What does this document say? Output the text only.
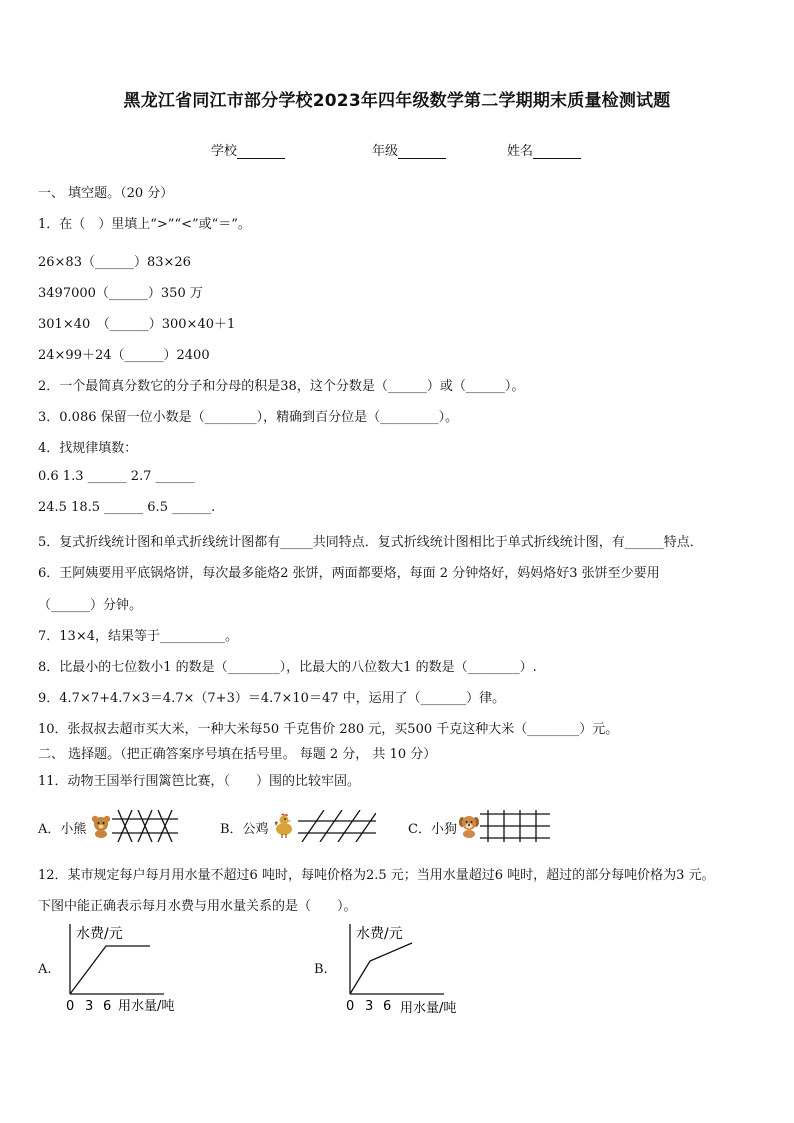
黑龙江省同江市部分学校2023年四年级数学第二学期期末质量检测试题
学校	年级	姓名
一、 填空题。（20 分）
1．在（　）里填上“>”“<”或“＝”。
26×83（______）83×26
3497000（______）350 万
301×40　（______）300×40＋1
24×99＋24（______）2400
2．一个最简真分数它的分子和分母的积是38，这个分数是（______）或（______）。
3．0.086 保留一位小数是（________），精确到百分位是（_________）。
4．找规律填数：
0.6 1.3 ______ 2.7 ______
24.5 18.5 ______ 6.5 ______.
5．复式折线统计图和单式折线统计图都有_____共同特点．复式折线统计图相比于单式折线统计图，有______特点．
6．王阿姨要用平底锅烙饼，每次最多能烙2 张饼，两面都要烙，每面 2 分钟烙好，妈妈烙好3 张饼至少要用
（______）分钟。
7．13×4，结果等于__________。
8．比最小的七位数小1 的数是（________），比最大的八位数大1 的数是（________）.
9．4.7×7+4.7×3＝4.7×（7+3）＝4.7×10＝47 中，运用了（_______）律。
10．张叔叔去超市买大米，一种大米每50 千克售价 280 元，买500 千克这种大米（________）元。
二、 选择题。（把正确答案序号填在括号里。 每题 2 分， 共 10 分）
11．动物王国举行围篱笆比赛，（　　）围的比较牢固。
A．小熊	B．公鸡	C．小狗
12．某市规定每户每月用水量不超过6 吨时，每吨价格为2.5 元；当用水量超过6 吨时，超过的部分每吨价格为3 元。
下图中能正确表示每月水费与用水量关系的是（　　）。
A.
水费/元
0 3 6 用水量/吨
B.
水费/元
0 3 6 用水量/吨
